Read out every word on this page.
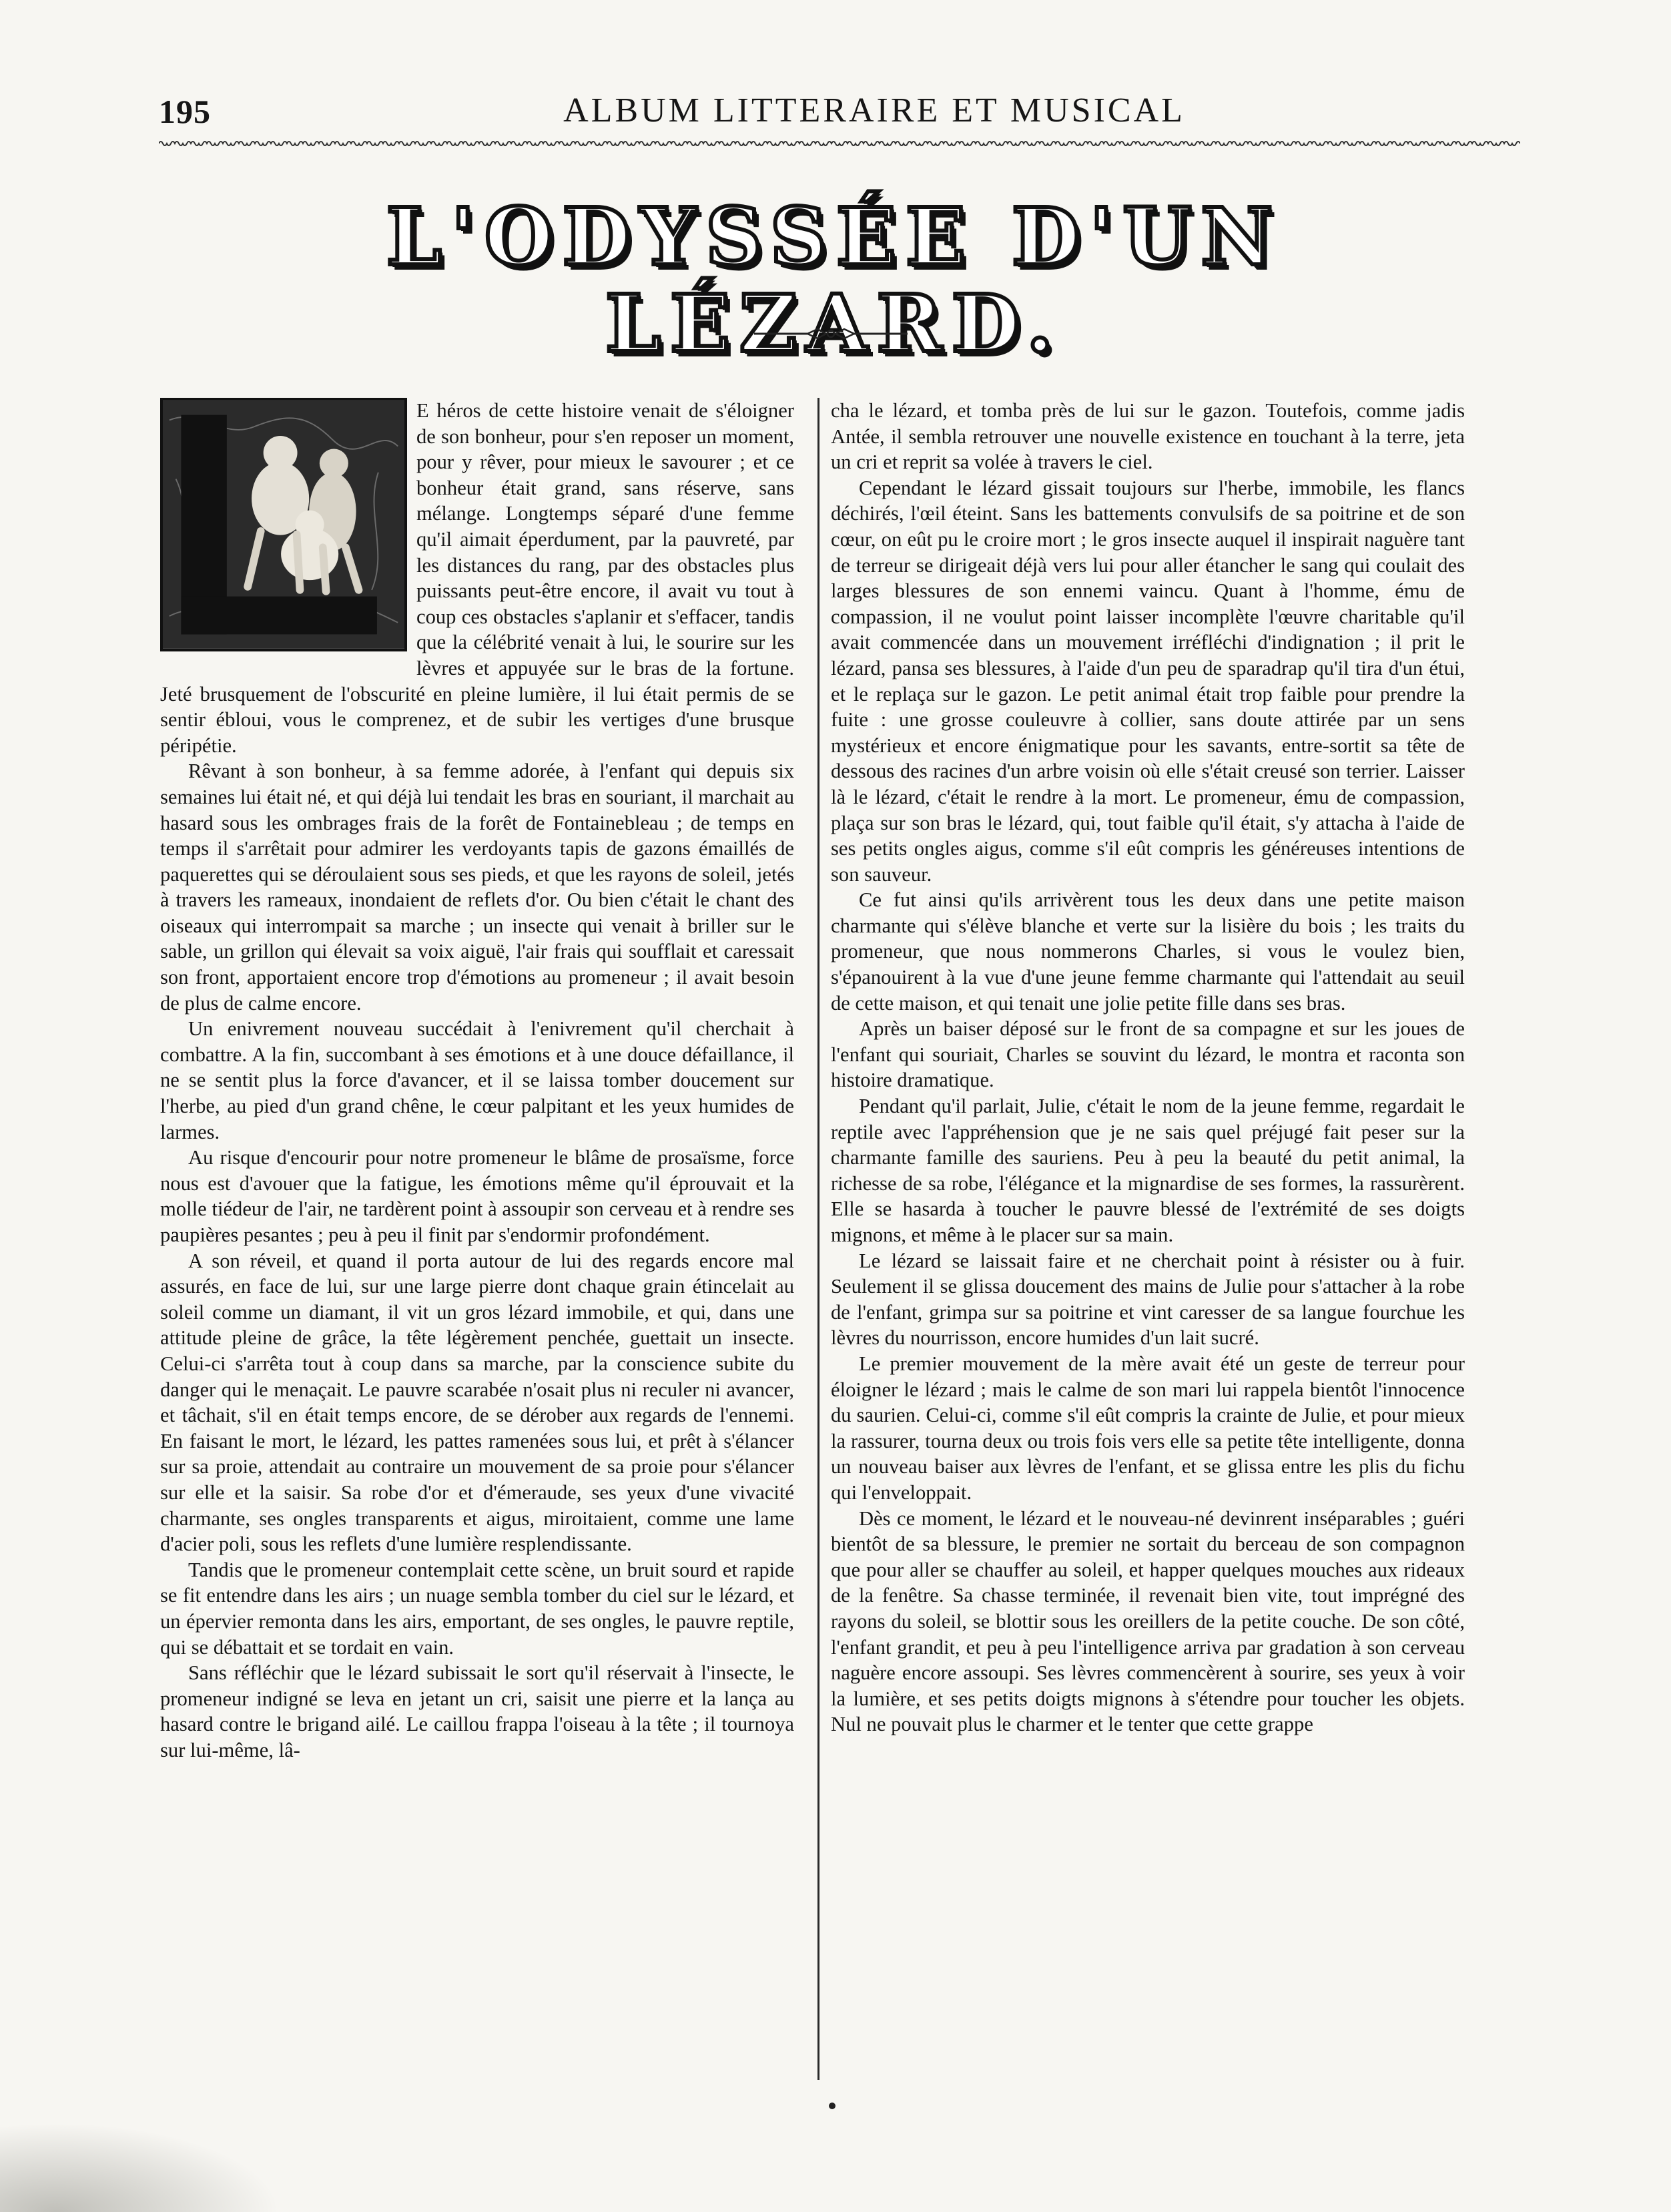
195	ALBUM LITTERAIRE ET MUSICAL
L'ODYSSÉE D'UN LÉZARD.

E héros de cette histoire venait de s'éloigner de son bonheur, pour s'en reposer un moment, pour y rêver, pour mieux le savourer ; et ce bonheur était grand, sans réserve, sans mélange. Longtemps séparé d'une femme qu'il aimait éperdument, par la pauvreté, par les distances du rang, par des obstacles plus puissants peut-être encore, il avait vu tout à coup ces obstacles s'aplanir et s'effacer, tandis que la célébrité venait à lui, le sourire sur les lèvres et appuyée sur le bras de la fortune. Jeté brusquement de l'obscurité en pleine lumière, il lui était permis de se sentir ébloui, vous le comprenez, et de subir les vertiges d'une brusque péripétie.

Rêvant à son bonheur, à sa femme adorée, à l'enfant qui depuis six semaines lui était né, et qui déjà lui tendait les bras en souriant, il marchait au hasard sous les ombrages frais de la forêt de Fontainebleau ; de temps en temps il s'arrêtait pour admirer les verdoyants tapis de gazons émaillés de paquerettes qui se déroulaient sous ses pieds, et que les rayons de soleil, jetés à travers les rameaux, inondaient de reflets d'or. Ou bien c'était le chant des oiseaux qui interrompait sa marche ; un insecte qui venait à briller sur le sable, un grillon qui élevait sa voix aiguë, l'air frais qui soufflait et caressait son front, apportaient encore trop d'émotions au promeneur ; il avait besoin de plus de calme encore.

Un enivrement nouveau succédait à l'enivrement qu'il cherchait à combattre. A la fin, succombant à ses émotions et à une douce défaillance, il ne se sentit plus la force d'avancer, et il se laissa tomber doucement sur l'herbe, au pied d'un grand chêne, le cœur palpitant et les yeux humides de larmes.

Au risque d'encourir pour notre promeneur le blâme de prosaïsme, force nous est d'avouer que la fatigue, les émotions même qu'il éprouvait et la molle tiédeur de l'air, ne tardèrent point à assoupir son cerveau et à rendre ses paupières pesantes ; peu à peu il finit par s'endormir profondément.

A son réveil, et quand il porta autour de lui des regards encore mal assurés, en face de lui, sur une large pierre dont chaque grain étincelait au soleil comme un diamant, il vit un gros lézard immobile, et qui, dans une attitude pleine de grâce, la tête légèrement penchée, guettait un insecte. Celui-ci s'arrêta tout à coup dans sa marche, par la conscience subite du danger qui le menaçait. Le pauvre scarabée n'osait plus ni reculer ni avancer, et tâchait, s'il en était temps encore, de se dérober aux regards de l'ennemi. En faisant le mort, le lézard, les pattes ramenées sous lui, et prêt à s'élancer sur sa proie, attendait au contraire un mouvement de sa proie pour s'élancer sur elle et la saisir. Sa robe d'or et d'émeraude, ses yeux d'une vivacité charmante, ses ongles transparents et aigus, miroitaient, comme une lame d'acier poli, sous les reflets d'une lumière resplendissante.

Tandis que le promeneur contemplait cette scène, un bruit sourd et rapide se fit entendre dans les airs ; un nuage sembla tomber du ciel sur le lézard, et un épervier remonta dans les airs, emportant, de ses ongles, le pauvre reptile, qui se débattait et se tordait en vain.

Sans réfléchir que le lézard subissait le sort qu'il réservait à l'insecte, le promeneur indigné se leva en jetant un cri, saisit une pierre et la lança au hasard contre le brigand ailé. Le caillou frappa l'oiseau à la tête ; il tournoya sur lui-même, lâ-

cha le lézard, et tomba près de lui sur le gazon. Toutefois, comme jadis Antée, il sembla retrouver une nouvelle existence en touchant à la terre, jeta un cri et reprit sa volée à travers le ciel.

Cependant le lézard gissait toujours sur l'herbe, immobile, les flancs déchirés, l'œil éteint. Sans les battements convulsifs de sa poitrine et de son cœur, on eût pu le croire mort ; le gros insecte auquel il inspirait naguère tant de terreur se dirigeait déjà vers lui pour aller étancher le sang qui coulait des larges blessures de son ennemi vaincu. Quant à l'homme, ému de compassion, il ne voulut point laisser incomplète l'œuvre charitable qu'il avait commencée dans un mouvement irréfléchi d'indignation ; il prit le lézard, pansa ses blessures, à l'aide d'un peu de sparadrap qu'il tira d'un étui, et le replaça sur le gazon. Le petit animal était trop faible pour prendre la fuite : une grosse couleuvre à collier, sans doute attirée par un sens mystérieux et encore énigmatique pour les savants, entre-sortit sa tête de dessous des racines d'un arbre voisin où elle s'était creusé son terrier. Laisser là le lézard, c'était le rendre à la mort. Le promeneur, ému de compassion, plaça sur son bras le lézard, qui, tout faible qu'il était, s'y attacha à l'aide de ses petits ongles aigus, comme s'il eût compris les généreuses intentions de son sauveur.

Ce fut ainsi qu'ils arrivèrent tous les deux dans une petite maison charmante qui s'élève blanche et verte sur la lisière du bois ; les traits du promeneur, que nous nommerons Charles, si vous le voulez bien, s'épanouirent à la vue d'une jeune femme charmante qui l'attendait au seuil de cette maison, et qui tenait une jolie petite fille dans ses bras.

Après un baiser déposé sur le front de sa compagne et sur les joues de l'enfant qui souriait, Charles se souvint du lézard, le montra et raconta son histoire dramatique.

Pendant qu'il parlait, Julie, c'était le nom de la jeune femme, regardait le reptile avec l'appréhension que je ne sais quel préjugé fait peser sur la charmante famille des sauriens. Peu à peu la beauté du petit animal, la richesse de sa robe, l'élégance et la mignardise de ses formes, la rassurèrent. Elle se hasarda à toucher le pauvre blessé de l'extrémité de ses doigts mignons, et même à le placer sur sa main.

Le lézard se laissait faire et ne cherchait point à résister ou à fuir. Seulement il se glissa doucement des mains de Julie pour s'attacher à la robe de l'enfant, grimpa sur sa poitrine et vint caresser de sa langue fourchue les lèvres du nourrisson, encore humides d'un lait sucré.

Le premier mouvement de la mère avait été un geste de terreur pour éloigner le lézard ; mais le calme de son mari lui rappela bientôt l'innocence du saurien. Celui-ci, comme s'il eût compris la crainte de Julie, et pour mieux la rassurer, tourna deux ou trois fois vers elle sa petite tête intelligente, donna un nouveau baiser aux lèvres de l'enfant, et se glissa entre les plis du fichu qui l'enveloppait.

Dès ce moment, le lézard et le nouveau-né devinrent inséparables ; guéri bientôt de sa blessure, le premier ne sortait du berceau de son compagnon que pour aller se chauffer au soleil, et happer quelques mouches aux rideaux de la fenêtre. Sa chasse terminée, il revenait bien vite, tout imprégné des rayons du soleil, se blottir sous les oreillers de la petite couche. De son côté, l'enfant grandit, et peu à peu l'intelligence arriva par gradation à son cerveau naguère encore assoupi. Ses lèvres commencèrent à sourire, ses yeux à voir la lumière, et ses petits doigts mignons à s'étendre pour toucher les objets. Nul ne pouvait plus le charmer et le tenter que cette grappe
